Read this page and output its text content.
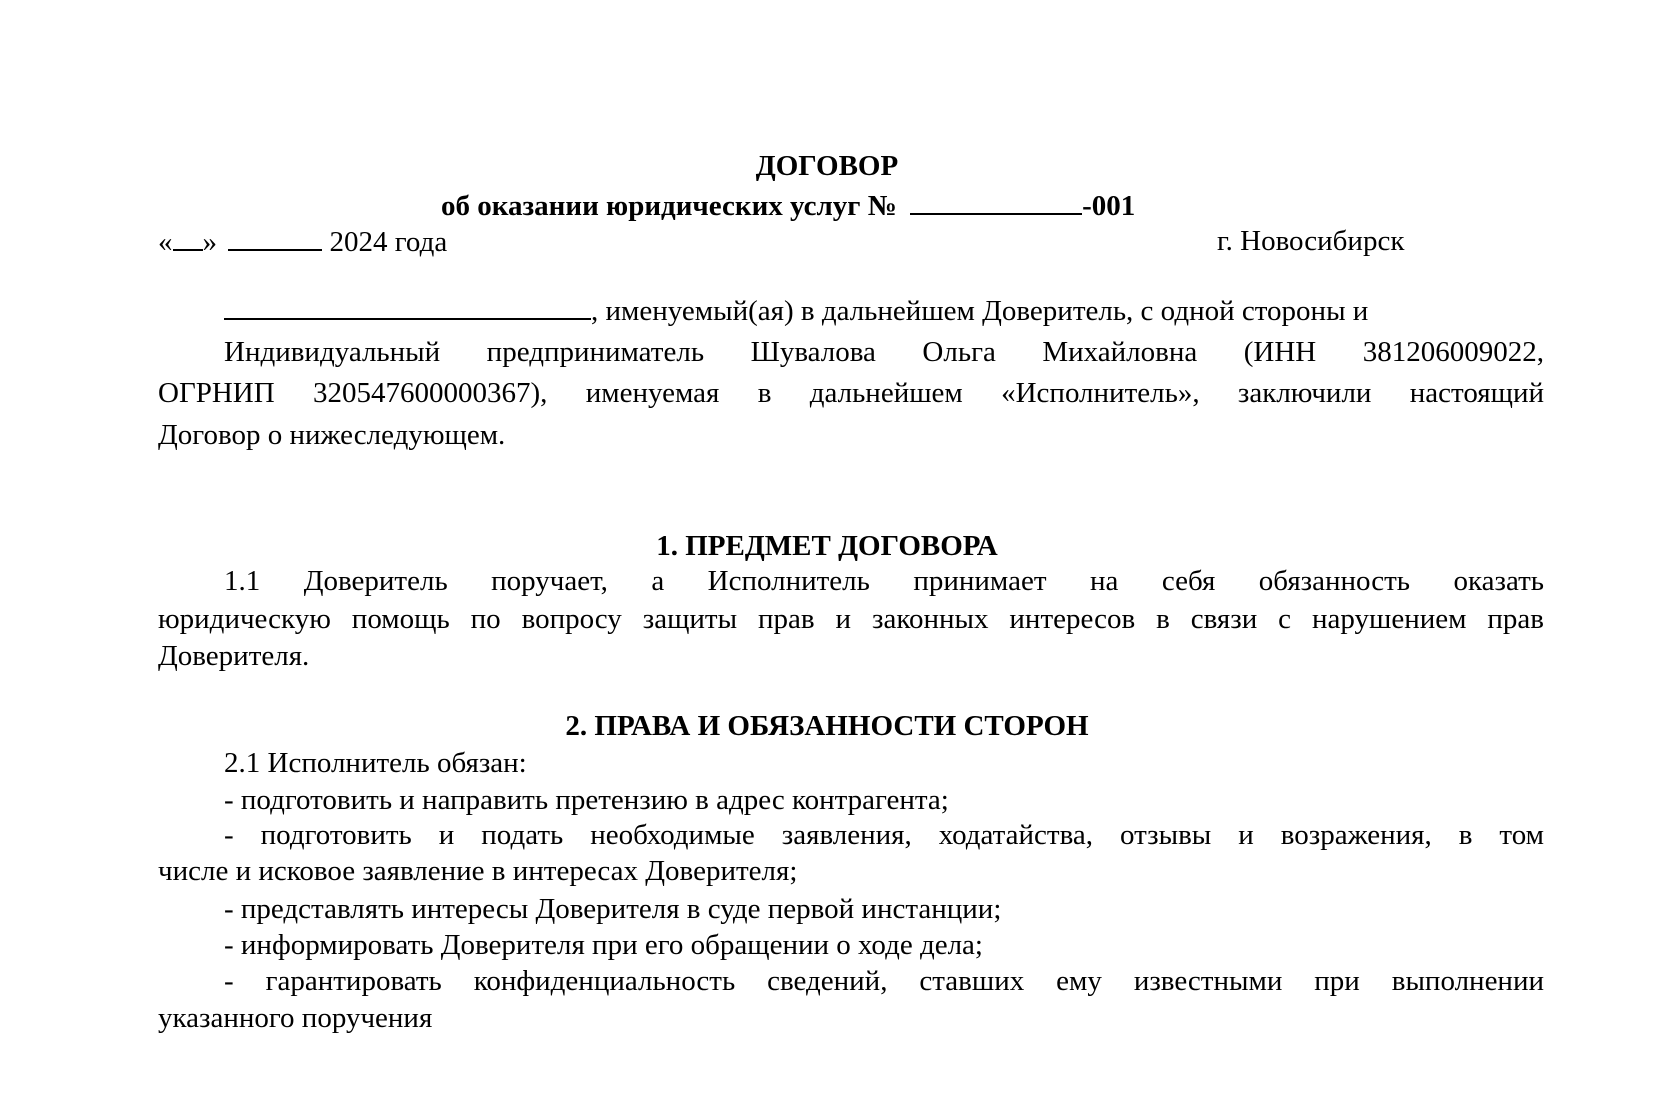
ДОГОВОР
об оказании юридических услуг №	-001
« »	2024 года	г. Новосибирск
, именуемый(ая) в дальнейшем Доверитель, с одной стороны и
Индивидуальный предприниматель Шувалова Ольга Михайловна (ИНН 381206009022,
ОГРНИП 320547600000367), именуемая в дальнейшем «Исполнитель», заключили настоящий
Договор о нижеследующем.
1. ПРЕДМЕТ ДОГОВОРА
1.1 Доверитель поручает, а Исполнитель принимает на себя обязанность оказать
юридическую помощь по вопросу защиты прав и законных интересов в связи с нарушением прав
Доверителя.
2. ПРАВА И ОБЯЗАННОСТИ СТОРОН
2.1 Исполнитель обязан:
- подготовить и направить претензию в адрес контрагента;
- подготовить и подать необходимые заявления, ходатайства, отзывы и возражения, в том
числе и исковое заявление в интересах Доверителя;
- представлять интересы Доверителя в суде первой инстанции;
- информировать Доверителя при его обращении о ходе дела;
- гарантировать конфиденциальность сведений, ставших ему известными при выполнении
указанного поручения
